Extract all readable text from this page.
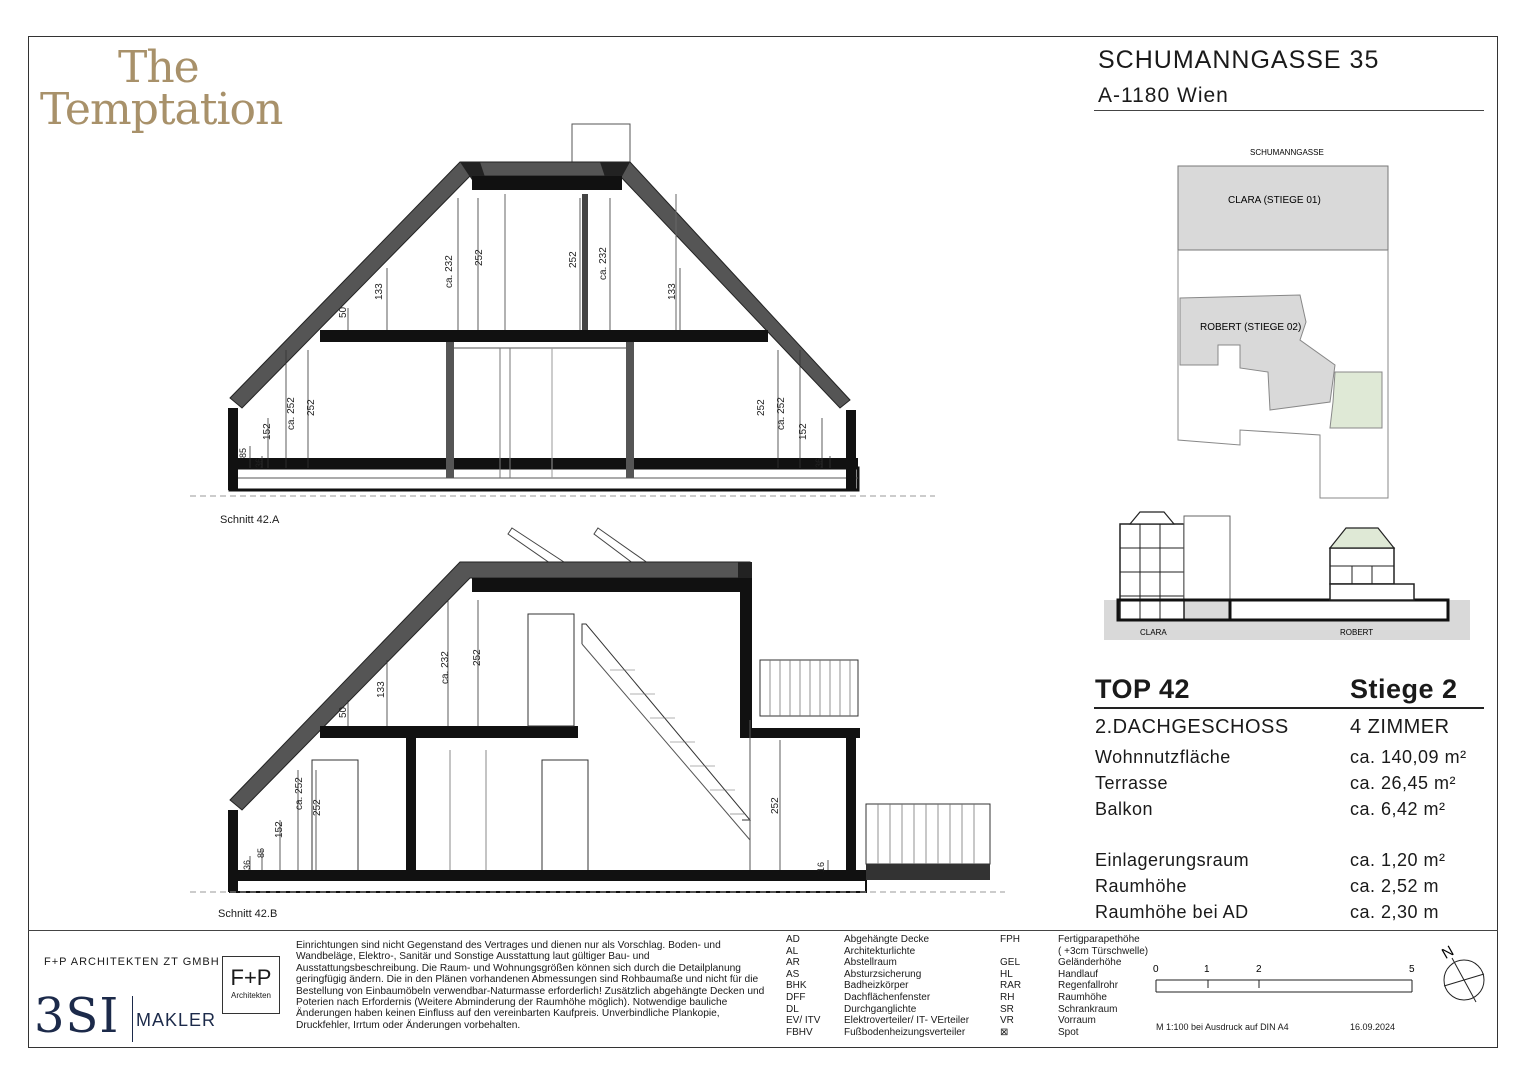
The
Temptation
SCHUMANNGASSE 35
A-1180 Wien
SCHUMANNGASSE
CLARA (STIEGE 01)
ROBERT (STIEGE 02)
CLARA	ROBERT
TOP 42	Stiege 2
2.DACHGESCHOSS	4 ZIMMER
Wohnnutzfläche	ca. 140,09 m²
Terrasse	ca. 26,45 m²
Balkon	ca. 6,42 m²
Einlagerungsraum	ca. 1,20 m²
Raumhöhe	ca. 2,52 m
Raumhöhe bei AD	ca. 2,30 m
ca. 232 252	252 ca. 232
133	133
50
ca. 252 252	252 ca. 252
152	152
85
36	36
Schnitt 42.A
ca. 232 252
133
50
ca. 252 252
152
85
36
252
16
Schnitt 42.B
F+P ARCHITEKTEN ZT GMBH
F+P
Architekten
3SI MAKLER
Einrichtungen sind nicht Gegenstand des Vertrages und dienen nur als Vorschlag. Boden- und Wandbeläge, Elektro-, Sanitär und Sonstige Ausstattung laut gültiger Bau- und Ausstattungsbeschreibung. Die Raum- und Wohnungsgrößen können sich durch die Detailplanung geringfügig ändern. Die in den Plänen vorhandenen Abmessungen sind Rohbaumaße und nicht für die Bestellung von Einbaumöbeln verwendbar-Naturmasse erforderlich! Zusätzlich abgehängte Decken und Poterien nach Erfordernis (Weitere Abminderung der Raumhöhe möglich). Notwendige bauliche Änderungen haben keinen Einfluss auf den vereinbarten Kaufpreis. Unverbindliche Plankopie, Druckfehler, Irrtum oder Änderungen vorbehalten.
AD	Abgehängte Decke
AL	Architekturlichte
AR	Abstellraum
AS	Absturzsicherung
BHK	Badheizkörper
DFF	Dachflächenfenster
DL	Durchganglichte
EV/ ITV	Elektroverteiler/ IT- VErteiler
FBHV	Fußbodenheizungsverteiler
FPH	Fertigparapethöhe
( +3cm Türschwelle)
GEL	Geländerhöhe
HL	Handlauf
RAR	Regenfallrohr
RH	Raumhöhe
SR	Schrankraum
VR	Vorraum
⊠	Spot
0	1	2	5
M 1:100 bei Ausdruck auf DIN A4	16.09.2024
N
